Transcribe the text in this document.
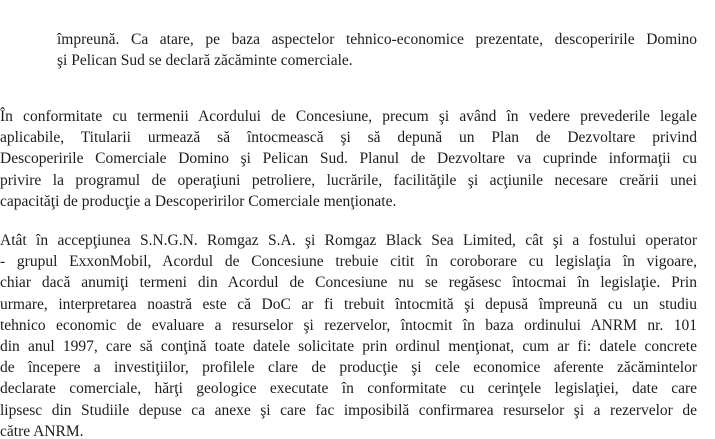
împreună. Ca atare, pe baza aspectelor tehnico-economice prezentate, descoperirile Domino
şi Pelican Sud se declară zăcăminte comerciale.
În conformitate cu termenii Acordului de Concesiune, precum şi având în vedere prevederile legale
aplicabile, Titularii urmează să întocmească şi să depună un Plan de Dezvoltare privind
Descoperirile Comerciale Domino şi Pelican Sud. Planul de Dezvoltare va cuprinde informaţii cu
privire la programul de operaţiuni petroliere, lucrările, facilităţile şi acţiunile necesare creării unei
capacităţi de producţie a Descoperirilor Comerciale menţionate.
Atât în accepţiunea S.N.G.N. Romgaz S.A. şi Romgaz Black Sea Limited, cât şi a fostului operator
- grupul ExxonMobil, Acordul de Concesiune trebuie citit în coroborare cu legislaţia în vigoare,
chiar dacă anumiţi termeni din Acordul de Concesiune nu se regăsesc întocmai în legislaţie. Prin
urmare, interpretarea noastră este că DoC ar fi trebuit întocmită şi depusă împreună cu un studiu
tehnico economic de evaluare a resurselor şi rezervelor, întocmit în baza ordinului ANRM nr. 101
din anul 1997, care să conţină toate datele solicitate prin ordinul menţionat, cum ar fi: datele concrete
de începere a investiţiilor, profilele clare de producţie şi cele economice aferente zăcămintelor
declarate comerciale, hărţi geologice executate în conformitate cu cerinţele legislaţiei, date care
lipsesc din Studiile depuse ca anexe şi care fac imposibilă confirmarea resurselor şi a rezervelor de
către ANRM.
